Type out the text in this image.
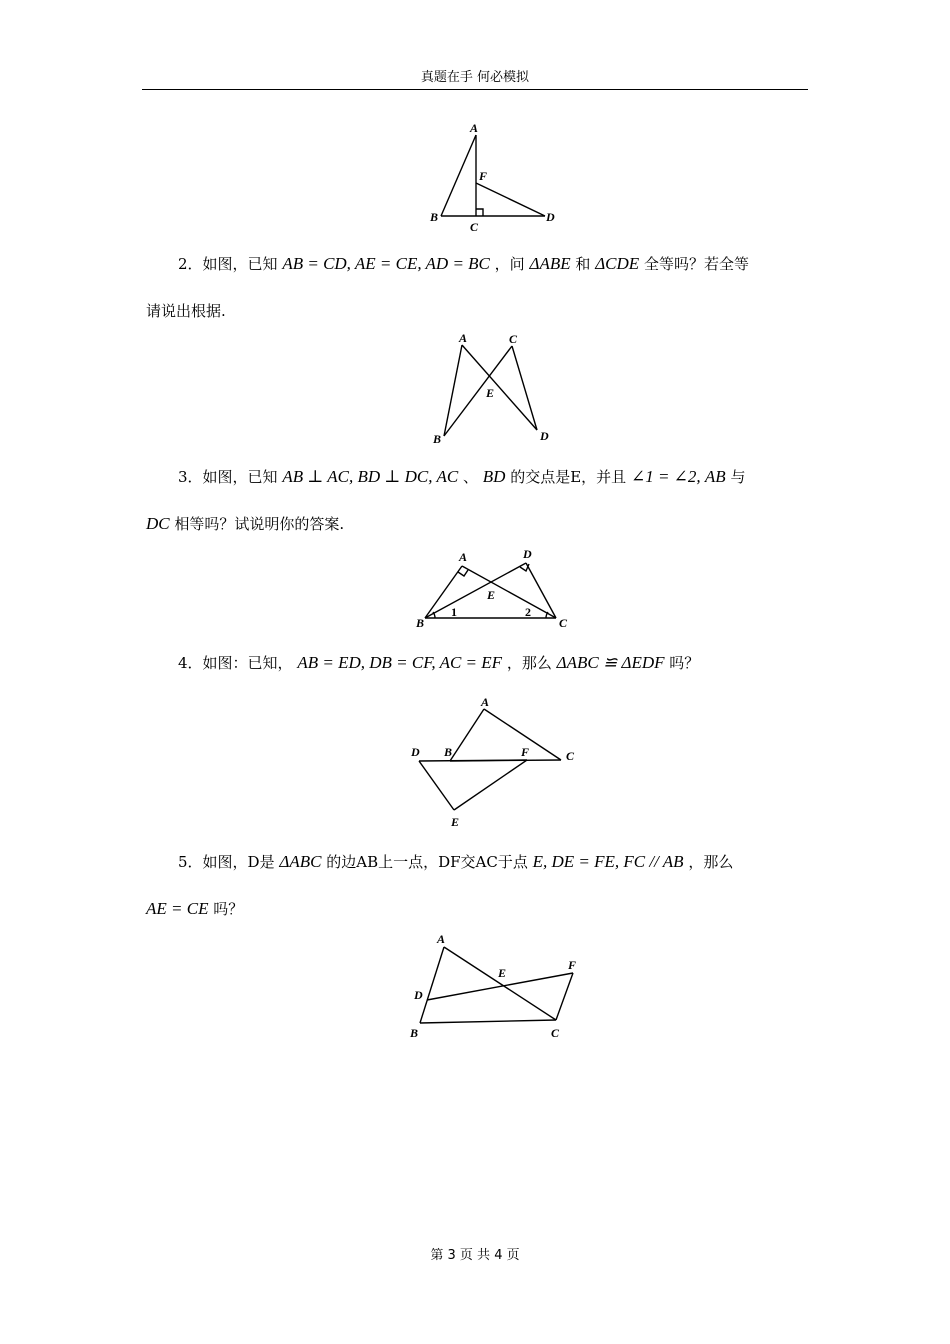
真题在手 何必模拟
A
F
B
C
D
2．如图，已知 AB = CD, AE = CE, AD = BC ，问 ΔABE 和 ΔCDE 全等吗？若全等
请说出根据.
A	C
E
B	D
3．如图，已知 AB ⊥ AC, BD ⊥ DC, AC 、 BD 的交点是E，并且 ∠1 = ∠2, AB 与
DC 相等吗？试说明你的答案.
A	D
E
B	C
1	2
4．如图：已知， AB = ED, DB = CF, AC = EF ，那么 ΔABC ≌ ΔEDF 吗？
A
D B	F	C
E
5．如图，D是 ΔABC 的边AB上一点，DF交AC于点 E, DE = FE, FC // AB ，那么
AE = CE 吗？
A
E
F
D
B	C
第 3 页 共 4 页
